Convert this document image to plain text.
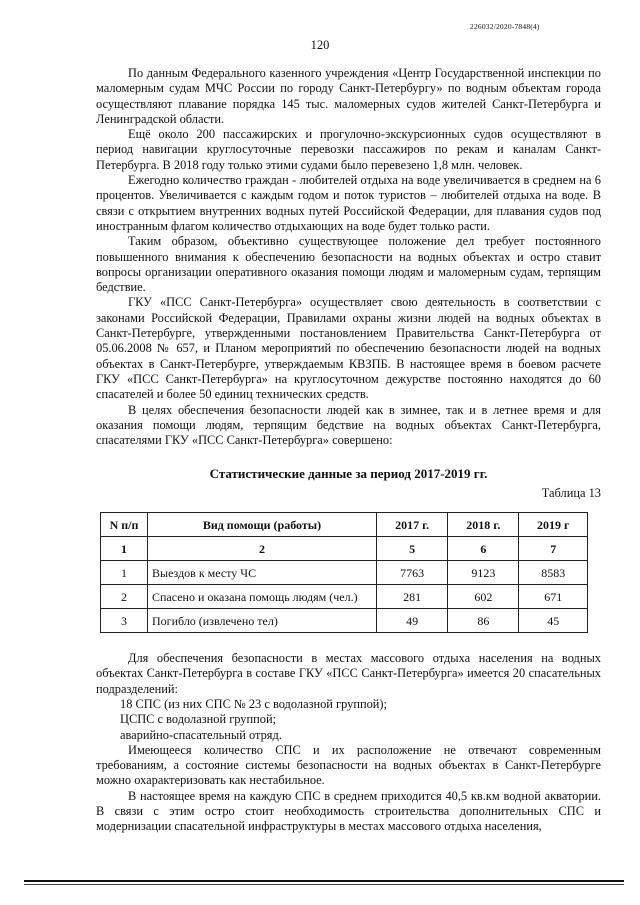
226032/2020-7848(4)
120

По данным Федерального казенного учреждения «Центр Государственной инспекции по маломерным судам МЧС России по городу Санкт-Петербургу» по водным объектам города осуществляют плавание порядка 145 тыс. маломерных судов жителей Санкт-Петербурга и Ленинградской области.

Ещё около 200 пассажирских и прогулочно-экскурсионных судов осуществляют в период навигации круглосуточные перевозки пассажиров по рекам и каналам Санкт-Петербурга. В 2018 году только этими судами было перевезено 1,8 млн. человек.

Ежегодно количество граждан - любителей отдыха на воде увеличивается в среднем на 6 процентов. Увеличивается с каждым годом и поток туристов – любителей отдыха на воде. В связи с открытием внутренних водных путей Российской Федерации, для плавания судов под иностранным флагом количество отдыхающих на воде будет только расти.

Таким образом, объективно существующее положение дел требует постоянного повышенного внимания к обеспечению безопасности на водных объектах и остро ставит вопросы организации оперативного оказания помощи людям и маломерным судам, терпящим бедствие.

ГКУ «ПСС Санкт-Петербурга» осуществляет свою деятельность в соответствии с законами Российской Федерации, Правилами охраны жизни людей на водных объектах в Санкт-Петербурге, утвержденными постановлением Правительства Санкт-Петербурга от 05.06.2008 № 657, и Планом мероприятий по обеспечению безопасности людей на водных объектах в Санкт-Петербурге, утверждаемым КВЗПБ. В настоящее время в боевом расчете ГКУ «ПСС Санкт-Петербурга» на круглосуточном дежурстве постоянно находятся до 60 спасателей и более 50 единиц технических средств.

В целях обеспечения безопасности людей как в зимнее, так и в летнее время и для оказания помощи людям, терпящим бедствие на водных объектах Санкт-Петербурга, спасателями ГКУ «ПСС Санкт-Петербурга» совершено:

Статистические данные за период 2017-2019 гг.
Таблица 13
N п/п	Вид помощи (работы)	2017 г.	2018 г.	2019 г
1	2	5	6	7
1	Выездов к месту ЧС	7763	9123	8583
2	Спасено и оказана помощь людям (чел.)	281	602	671
3	Погибло (извлечено тел)	49	86	45

Для обеспечения безопасности в местах массового отдыха населения на водных объектах Санкт-Петербурга в составе ГКУ «ПСС Санкт-Петербурга» имеется 20 спасательных подразделений:

18 СПС (из них СПС № 23 с водолазной группой);

ЦСПС с водолазной группой;

аварийно-спасательный отряд.

Имеющееся количество СПС и их расположение не отвечают современным требованиям, а состояние системы безопасности на водных объектах в Санкт-Петербурге можно охарактеризовать как нестабильное.

В настоящее время на каждую СПС в среднем приходится 40,5 кв.км водной акватории. В связи с этим остро стоит необходимость строительства дополнительных СПС и модернизации спасательной инфраструктуры в местах массового отдыха населения,
